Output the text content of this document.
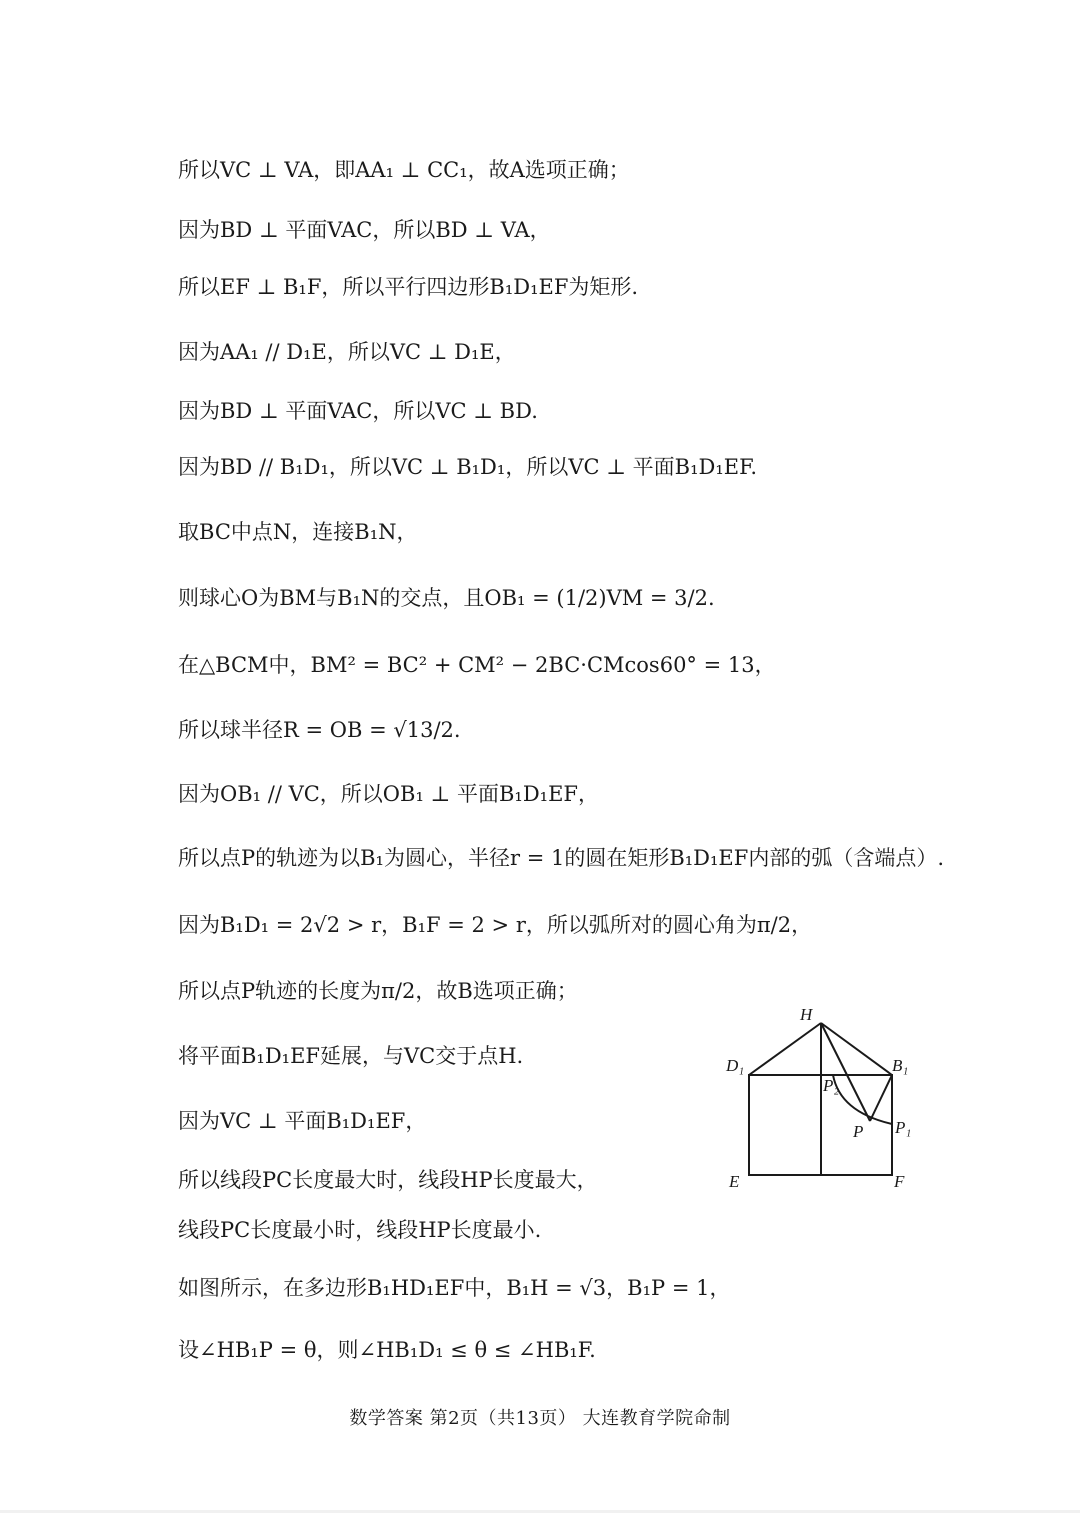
所以VC ⊥ VA，即AA₁ ⊥ CC₁，故A选项正确；
因为BD ⊥ 平面VAC，所以BD ⊥ VA，
所以EF ⊥ B₁F，所以平行四边形B₁D₁EF为矩形.
因为AA₁ // D₁E，所以VC ⊥ D₁E，
因为BD ⊥ 平面VAC，所以VC ⊥ BD.
因为BD // B₁D₁，所以VC ⊥ B₁D₁，所以VC ⊥ 平面B₁D₁EF.
取BC中点N，连接B₁N，
则球心O为BM与B₁N的交点，且OB₁ = (1/2)VM = 3/2.
在△BCM中，BM² = BC² + CM² − 2BC·CMcos60° = 13，
所以球半径R = OB = √13/2.
因为OB₁ // VC，所以OB₁ ⊥ 平面B₁D₁EF，
所以点P的轨迹为以B₁为圆心，半径r = 1的圆在矩形B₁D₁EF内部的弧（含端点）.
因为B₁D₁ = 2√2 > r，B₁F = 2 > r，所以弧所对的圆心角为π/2，
所以点P轨迹的长度为π/2，故B选项正确；
将平面B₁D₁EF延展，与VC交于点H.
因为VC ⊥ 平面B₁D₁EF，
所以线段PC长度最大时，线段HP长度最大，
线段PC长度最小时，线段HP长度最小.
如图所示，在多边形B₁HD₁EF中，B₁H = √3，B₁P = 1，
设∠HB₁P = θ，则∠HB₁D₁ ≤ θ ≤ ∠HB₁F.
H
D₁	B₁
P₂
P P₁
E	F
数学答案 第2页（共13页） 大连教育学院命制
